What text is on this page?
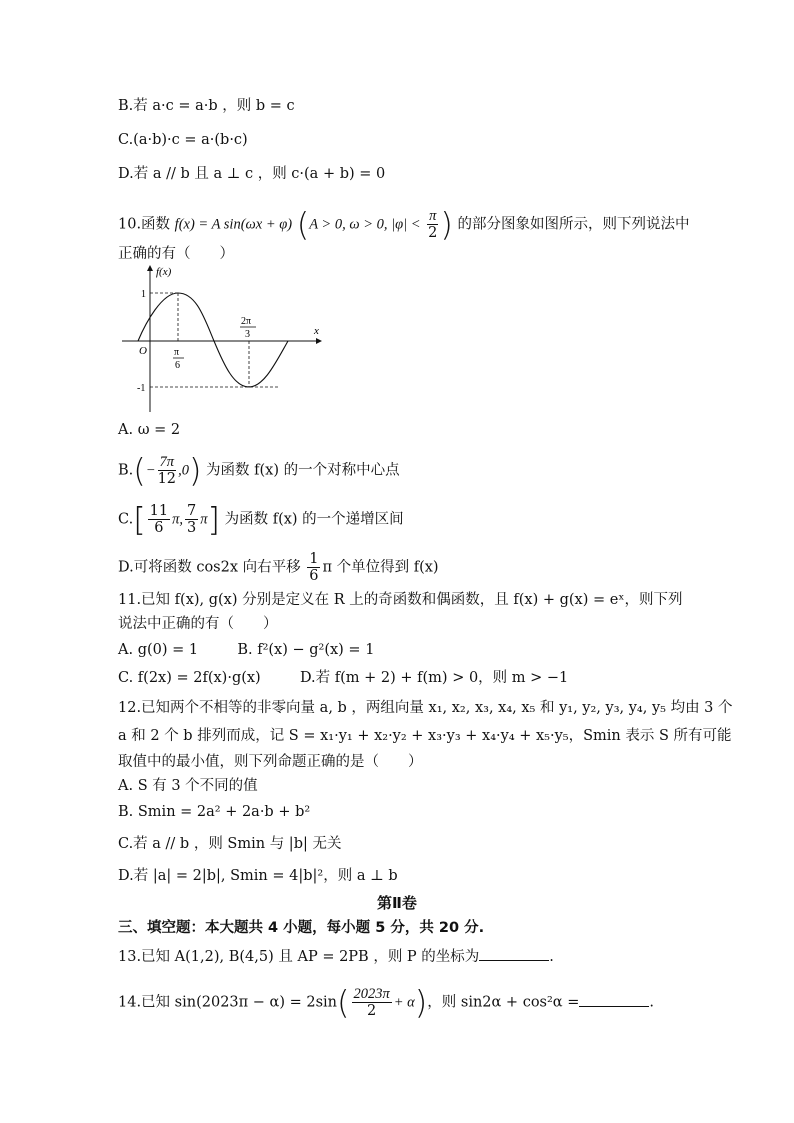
B.若 a·c = a·b ，则 b = c
C.(a·b)·c = a·(b·c)
D.若 a // b 且 a ⊥ c ，则 c·(a + b) = 0
10.函数 f(x) = A sin(ωx + φ) (A > 0, ω > 0, $|\varphi| < \frac{\pi}{2}$ ) 的部分图象如图所示，则下列说法中
正确的有（　　）
f(x)
x
O
1
-1
π
6
2π
3
A. ω = 2
$B.(- \frac{7\pi}{12} ,0)$ 为函数 f(x) 的一个对称中心点
$C.[ \frac{11}{6} \pi$, $\frac{7}{3} \pi$] 为函数 f(x) 的一个递增区间
D.可将函数 cos2x 向右平移 $\frac{1}{6}$ π 个单位得到 f(x)
11.已知 f(x), g(x) 分别是定义在 R 上的奇函数和偶函数，且 f(x) + g(x) = eˣ，则下列
说法中正确的有（　　）
A. g(0) = 1	B. f²(x) − g²(x) = 1
C. f(2x) = 2f(x)·g(x)	D.若 f(m + 2) + f(m) > 0，则 m > −1
12.已知两个不相等的非零向量 a, b ，两组向量 x₁, x₂, x₃, x₄, x₅ 和 y₁, y₂, y₃, y₄, y₅ 均由 3 个
a 和 2 个 b 排列而成，记 S = x₁·y₁ + x₂·y₂ + x₃·y₃ + x₄·y₄ + x₅·y₅，Smin 表示 S 所有可能
取值中的最小值，则下列命题正确的是（　　）
A. S 有 3 个不同的值
B. Smin = 2a² + 2a·b + b²
C.若 a // b ，则 Smin 与 |b| 无关
D.若 |a| = 2|b|, Smin = 4|b|²，则 a ⊥ b
第Ⅱ卷
三、填空题：本大题共 4 小题，每小题 5 分，共 20 分.
13.已知 A(1,2), B(4,5) 且 AP = 2PB ，则 P 的坐标为	.
14.已知 $\sin(2023\pi - \alpha) = 2\sin( \frac{2023\pi}{2} + \alpha)$，则 sin2α + cos²α =	.
